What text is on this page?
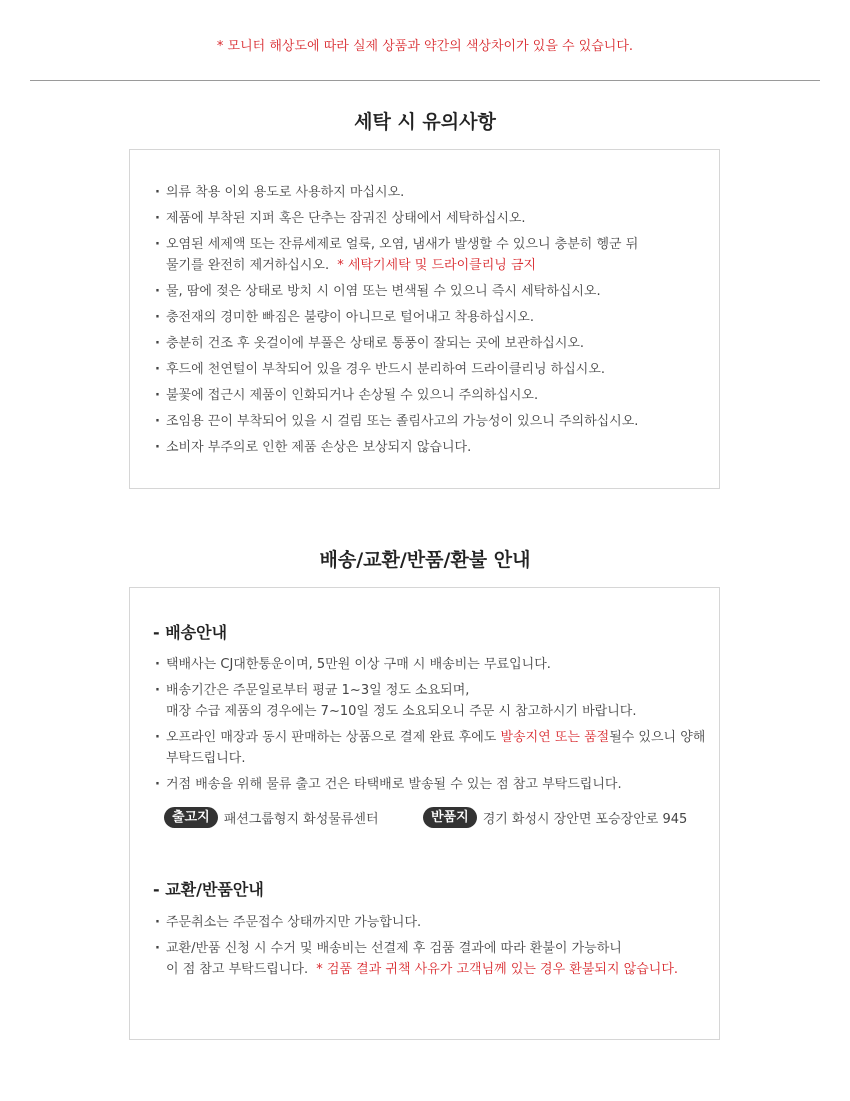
* 모니터 해상도에 따라 실제 상품과 약간의 색상차이가 있을 수 있습니다.
세탁 시 유의사항
· 의류 착용 이외 용도로 사용하지 마십시오.
· 제품에 부착된 지퍼 혹은 단추는 잠궈진 상태에서 세탁하십시오.
· 오염된 세제액 또는 잔류세제로 얼룩, 오염, 냄새가 발생할 수 있으니 충분히 헹군 뒤
물기를 완전히 제거하십시오. * 세탁기세탁 및 드라이클리닝 금지
· 물, 땀에 젖은 상태로 방치 시 이염 또는 변색될 수 있으니 즉시 세탁하십시오.
· 충전재의 경미한 빠짐은 불량이 아니므로 털어내고 착용하십시오.
· 충분히 건조 후 옷걸이에 부풀은 상태로 통풍이 잘되는 곳에 보관하십시오.
· 후드에 천연털이 부착되어 있을 경우 반드시 분리하여 드라이클리닝 하십시오.
· 불꽃에 접근시 제품이 인화되거나 손상될 수 있으니 주의하십시오.
· 조임용 끈이 부착되어 있을 시 걸림 또는 졸림사고의 가능성이 있으니 주의하십시오.
· 소비자 부주의로 인한 제품 손상은 보상되지 않습니다.
배송/교환/반품/환불 안내
- 배송안내
· 택배사는 CJ대한통운이며, 5만원 이상 구매 시 배송비는 무료입니다.
· 배송기간은 주문일로부터 평균 1~3일 정도 소요되며,
매장 수급 제품의 경우에는 7~10일 정도 소요되오니 주문 시 참고하시기 바랍니다.
· 오프라인 매장과 동시 판매하는 상품으로 결제 완료 후에도 발송지연 또는 품절될수 있으니 양해
부탁드립니다.
· 거점 배송을 위해 물류 출고 건은 타택배로 발송될 수 있는 점 참고 부탁드립니다.
출고지 패션그룹형지 화성물류센터	반품지 경기 화성시 장안면 포승장안로 945
- 교환/반품안내
· 주문취소는 주문접수 상태까지만 가능합니다.
· 교환/반품 신청 시 수거 및 배송비는 선결제 후 검품 결과에 따라 환불이 가능하니
이 점 참고 부탁드립니다. * 검품 결과 귀책 사유가 고객님께 있는 경우 환불되지 않습니다.
